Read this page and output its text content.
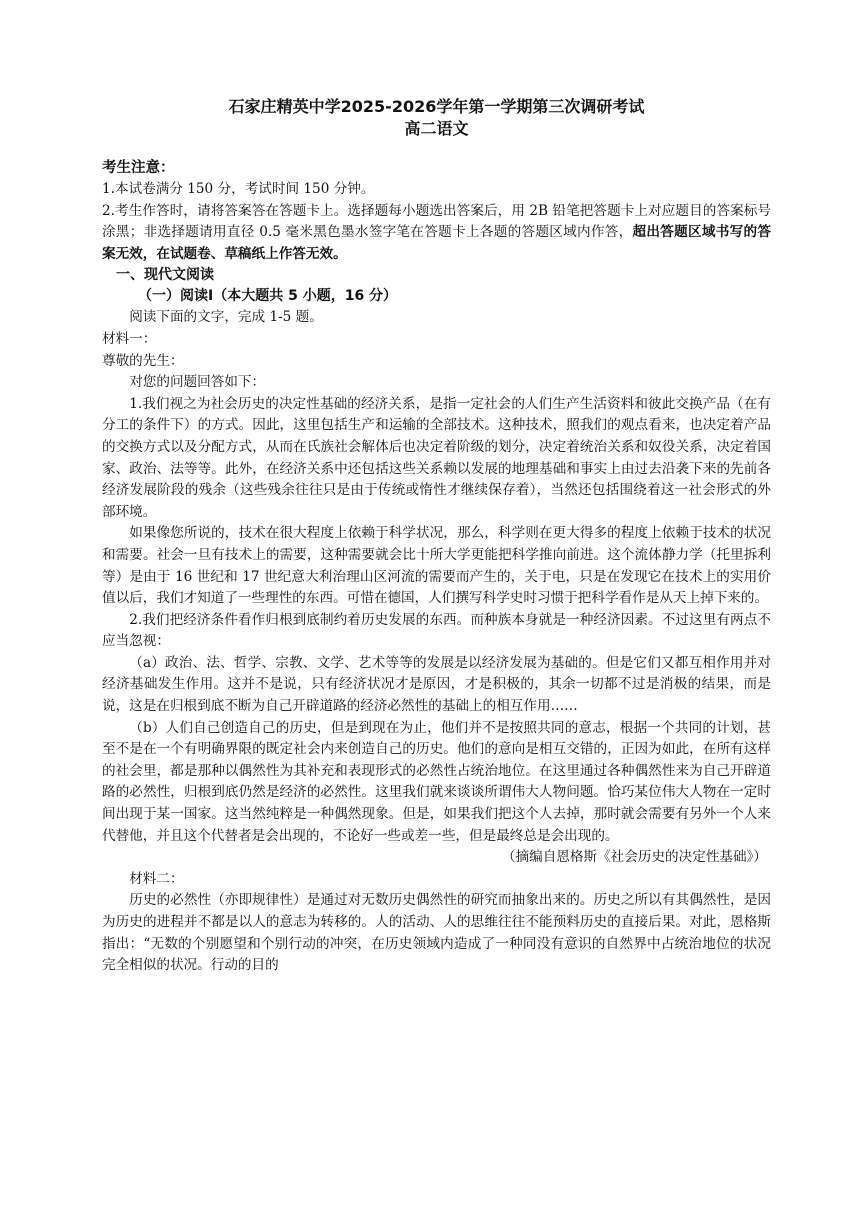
石家庄精英中学2025-2026学年第一学期第三次调研考试
高二语文
考生注意：

1.本试卷满分 150 分，考试时间 150 分钟。

2.考生作答时，请将答案答在答题卡上。选择题每小题选出答案后，用 2B 铅笔把答题卡上对应题目的答案标号涂黑；非选择题请用直径 0.5 毫米黑色墨水签字笔在答题卡上各题的答题区域内作答，超出答题区域书写的答案无效，在试题卷、草稿纸上作答无效。

一、现代文阅读
（一）阅读Ⅰ（本大题共 5 小题，16 分）

阅读下面的文字，完成 1-5 题。

材料一：

尊敬的先生：

对您的问题回答如下：

1.我们视之为社会历史的决定性基础的经济关系，是指一定社会的人们生产生活资料和彼此交换产品（在有分工的条件下）的方式。因此，这里包括生产和运输的全部技术。这种技术，照我们的观点看来，也决定着产品的交换方式以及分配方式，从而在氏族社会解体后也决定着阶级的划分，决定着统治关系和奴役关系，决定着国家、政治、法等等。此外，在经济关系中还包括这些关系赖以发展的地理基础和事实上由过去沿袭下来的先前各经济发展阶段的残余（这些残余往往只是由于传统或惰性才继续保存着），当然还包括围绕着这一社会形式的外部环境。

如果像您所说的，技术在很大程度上依赖于科学状况，那么，科学则在更大得多的程度上依赖于技术的状况和需要。社会一旦有技术上的需要，这种需要就会比十所大学更能把科学推向前进。这个流体静力学（托里拆利等）是由于 16 世纪和 17 世纪意大利治理山区河流的需要而产生的，关于电，只是在发现它在技术上的实用价值以后，我们才知道了一些理性的东西。可惜在德国，人们撰写科学史时习惯于把科学看作是从天上掉下来的。

2.我们把经济条件看作归根到底制约着历史发展的东西。而种族本身就是一种经济因素。不过这里有两点不应当忽视：

（a）政治、法、哲学、宗教、文学、艺术等等的发展是以经济发展为基础的。但是它们又都互相作用并对经济基础发生作用。这并不是说，只有经济状况才是原因，才是积极的，其余一切都不过是消极的结果，而是说，这是在归根到底不断为自己开辟道路的经济必然性的基础上的相互作用……

（b）人们自己创造自己的历史，但是到现在为止，他们并不是按照共同的意志，根据一个共同的计划，甚至不是在一个有明确界限的既定社会内来创造自己的历史。他们的意向是相互交错的，正因为如此，在所有这样的社会里，都是那种以偶然性为其补充和表现形式的必然性占统治地位。在这里通过各种偶然性来为自己开辟道路的必然性，归根到底仍然是经济的必然性。这里我们就来谈谈所谓伟大人物问题。恰巧某位伟大人物在一定时间出现于某一国家。这当然纯粹是一种偶然现象。但是，如果我们把这个人去掉，那时就会需要有另外一个人来代替他，并且这个代替者是会出现的，不论好一些或差一些，但是最终总是会出现的。

（摘编自恩格斯《社会历史的决定性基础》）

材料二：

历史的必然性（亦即规律性）是通过对无数历史偶然性的研究而抽象出来的。历史之所以有其偶然性，是因为历史的进程并不都是以人的意志为转移的。人的活动、人的思维往往不能预料历史的直接后果。对此，恩格斯指出：“无数的个别愿望和个别行动的冲突，在历史领域内造成了一种同没有意识的自然界中占统治地位的状况完全相似的状况。行动的目的
